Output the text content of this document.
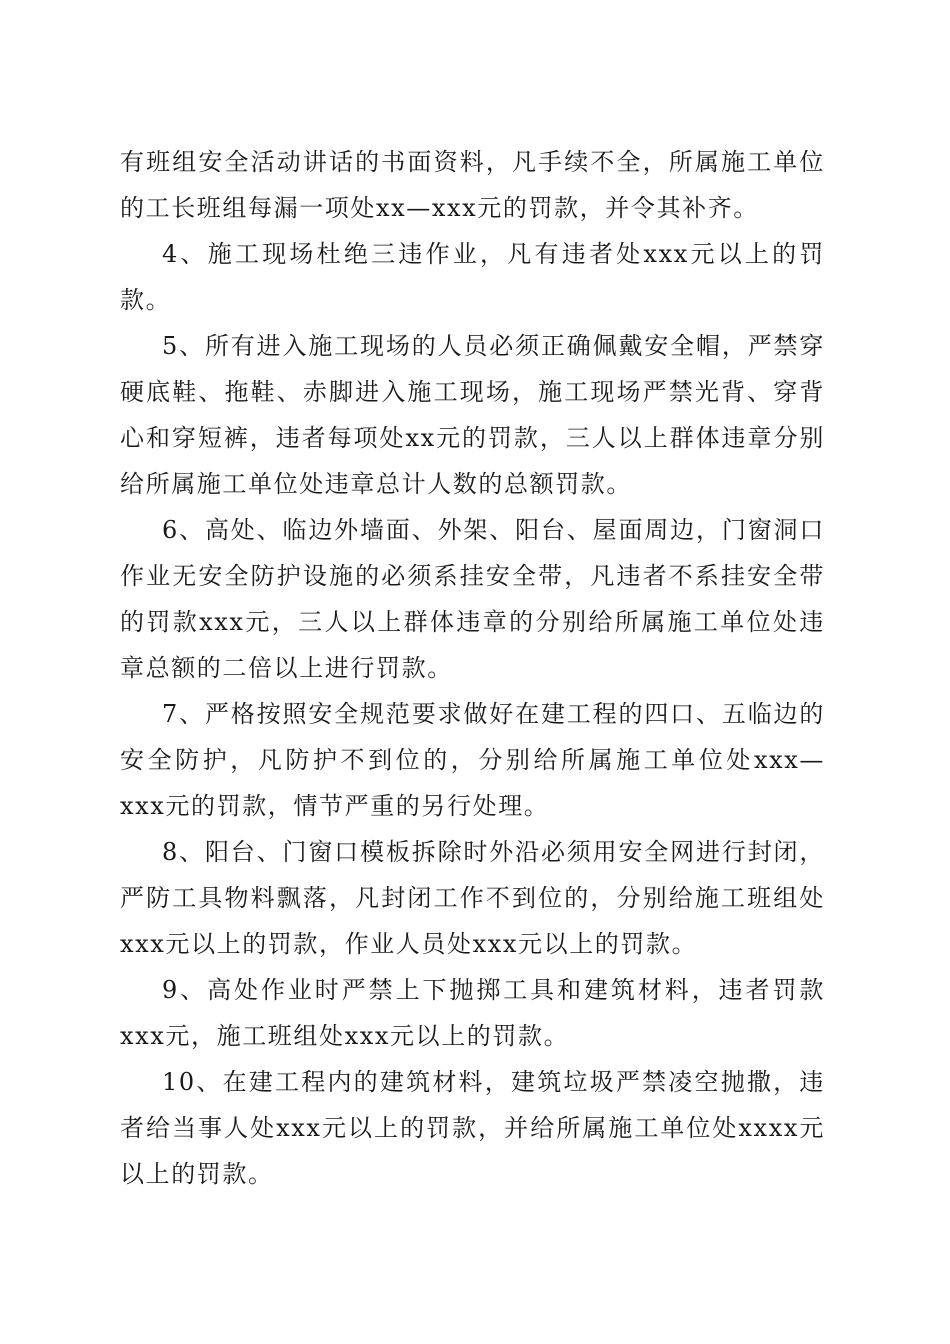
有班组安全活动讲话的书面资料，凡手续不全，所属施工单位的工长班组每漏一项处xx—xxx元的罚款，并令其补齐。

4、施工现场杜绝三违作业，凡有违者处xxx元以上的罚款。

5、所有进入施工现场的人员必须正确佩戴安全帽，严禁穿硬底鞋、拖鞋、赤脚进入施工现场，施工现场严禁光背、穿背心和穿短裤，违者每项处xx元的罚款，三人以上群体违章分别给所属施工单位处违章总计人数的总额罚款。

6、高处、临边外墙面、外架、阳台、屋面周边，门窗洞口作业无安全防护设施的必须系挂安全带，凡违者不系挂安全带的罚款xxx元，三人以上群体违章的分别给所属施工单位处违章总额的二倍以上进行罚款。

7、严格按照安全规范要求做好在建工程的四口、五临边的安全防护，凡防护不到位的，分别给所属施工单位处xxx—xxx元的罚款，情节严重的另行处理。

8、阳台、门窗口模板拆除时外沿必须用安全网进行封闭，严防工具物料飘落，凡封闭工作不到位的，分别给施工班组处xxx元以上的罚款，作业人员处xxx元以上的罚款。

9、高处作业时严禁上下抛掷工具和建筑材料，违者罚款xxx元，施工班组处xxx元以上的罚款。

10、在建工程内的建筑材料，建筑垃圾严禁凌空抛撒，违者给当事人处xxx元以上的罚款，并给所属施工单位处xxxx元以上的罚款。
